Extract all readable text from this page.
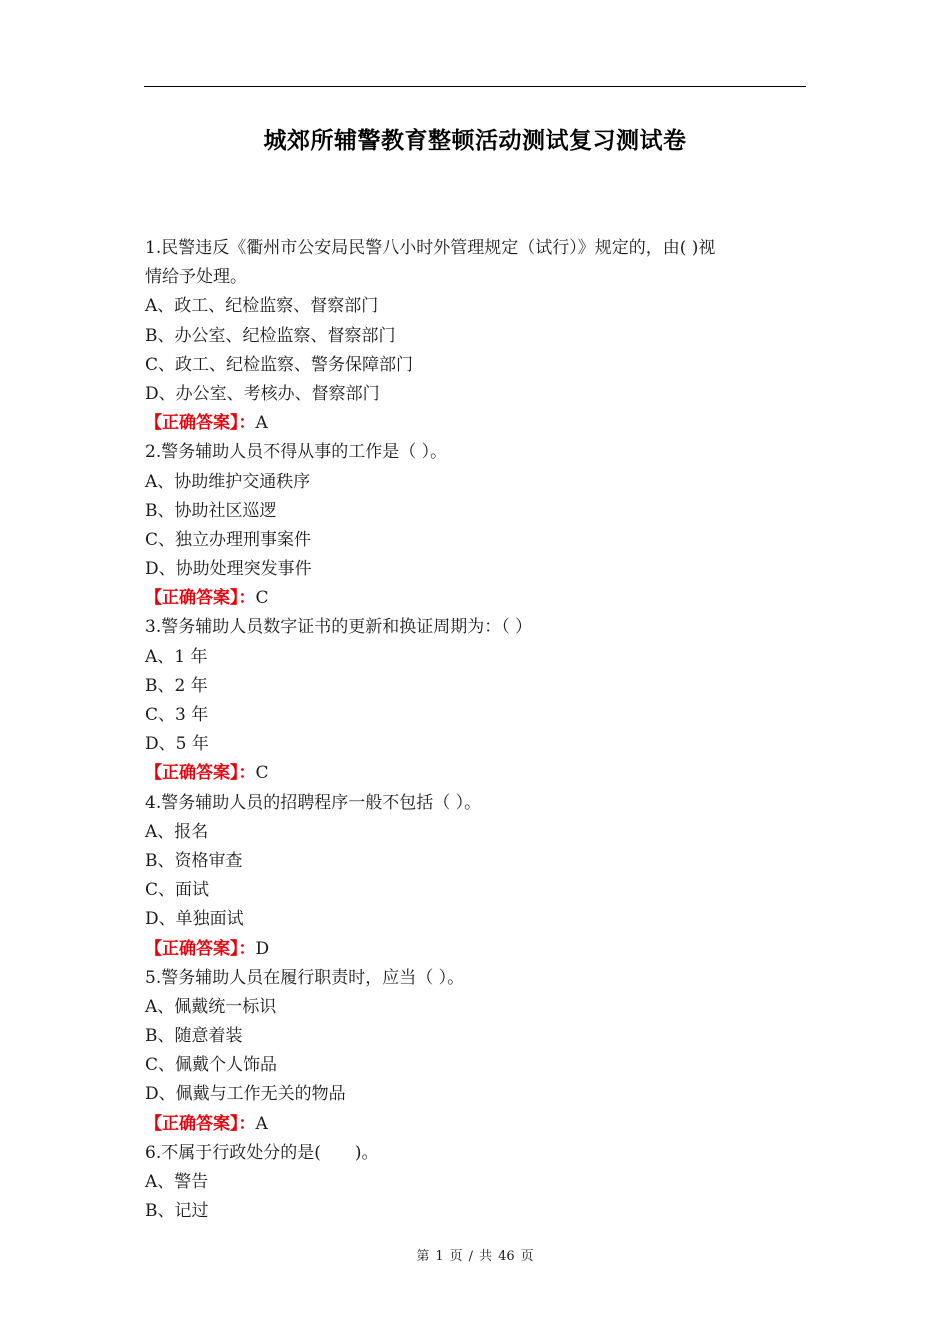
城郊所辅警教育整顿活动测试复习测试卷
1.民警违反《衢州市公安局民警八小时外管理规定（试行）》规定的，由( )视
情给予处理。
A、政工、纪检监察、督察部门
B、办公室、纪检监察、督察部门
C、政工、纪检监察、警务保障部门
D、办公室、考核办、督察部门
【正确答案】：A
2.警务辅助人员不得从事的工作是（ ）。
A、协助维护交通秩序
B、协助社区巡逻
C、独立办理刑事案件
D、协助处理突发事件
【正确答案】：C
3.警务辅助人员数字证书的更新和换证周期为：（ ）
A、1 年
B、2 年
C、3 年
D、5 年
【正确答案】：C
4.警务辅助人员的招聘程序一般不包括（ ）。
A、报名
B、资格审查
C、面试
D、单独面试
【正确答案】：D
5.警务辅助人员在履行职责时，应当（ ）。
A、佩戴统一标识
B、随意着装
C、佩戴个人饰品
D、佩戴与工作无关的物品
【正确答案】：A
6.不属于行政处分的是(　　)。
A、警告
B、记过
第 1 页 / 共 46 页
